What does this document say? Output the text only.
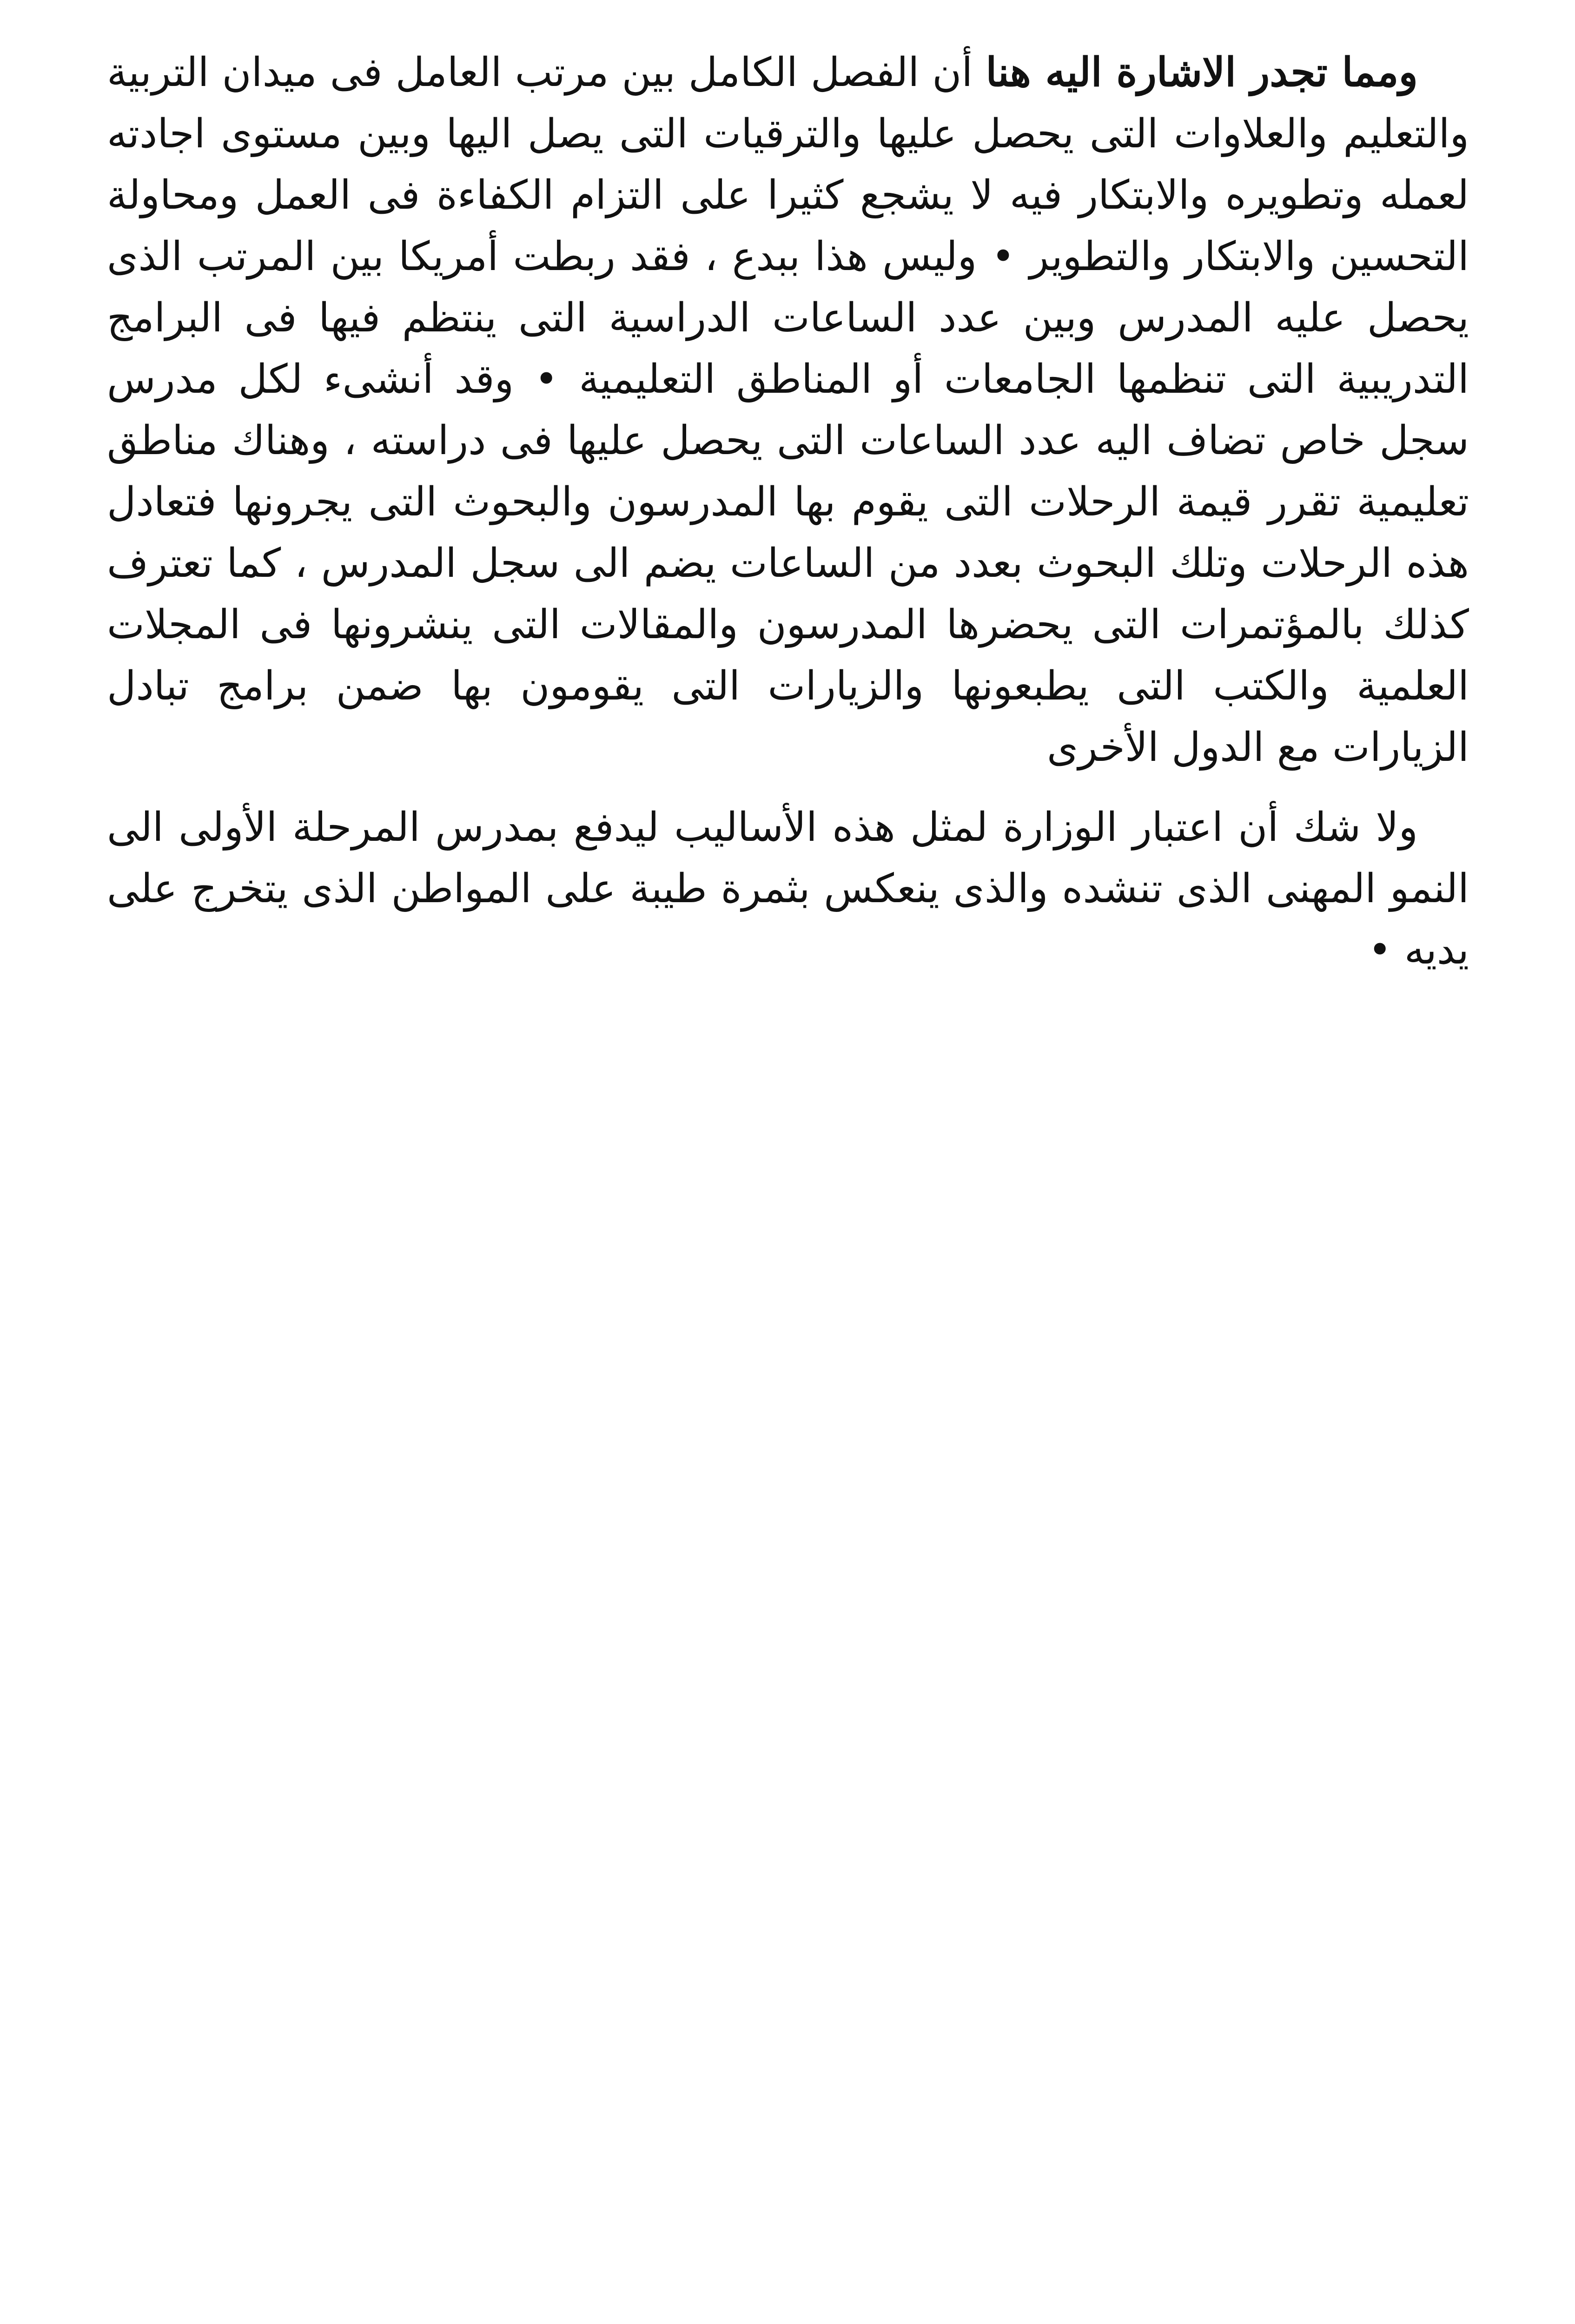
ومما تجدر الاشارة اليه هنا أن الفصل الكامل بين مرتب العامل فى ميدان التربية والتعليم والعلاوات التى يحصل عليها والترقيات التى يصل اليها وبين مستوى اجادته لعمله وتطويره والابتكار فيه لا يشجع كثيرا على التزام الكفاءة فى العمل ومحاولة التحسين والابتكار والتطوير • وليس هذا ببدع ، فقد ربطت أمريكا بين المرتب الذى يحصل عليه المدرس وبين عدد الساعات الدراسية التى ينتظم فيها فى البرامج التدريبية التى تنظمها الجامعات أو المناطق التعليمية • وقد أنشىء لكل مدرس سجل خاص تضاف اليه عدد الساعات التى يحصل عليها فى دراسته ، وهناك مناطق تعليمية تقرر قيمة الرحلات التى يقوم بها المدرسون والبحوث التى يجرونها فتعادل هذه الرحلات وتلك البحوث بعدد من الساعات يضم الى سجل المدرس ، كما تعترف كذلك بالمؤتمرات التى يحضرها المدرسون والمقالات التى ينشرونها فى المجلات العلمية والكتب التى يطبعونها والزيارات التى يقومون بها ضمن برامج تبادل الزيارات مع الدول الأخرى

ولا شك أن اعتبار الوزارة لمثل هذه الأساليب ليدفع بمدرس المرحلة الأولى الى النمو المهنى الذى تنشده والذى ينعكس بثمرة طيبة على المواطن الذى يتخرج على يديه •
